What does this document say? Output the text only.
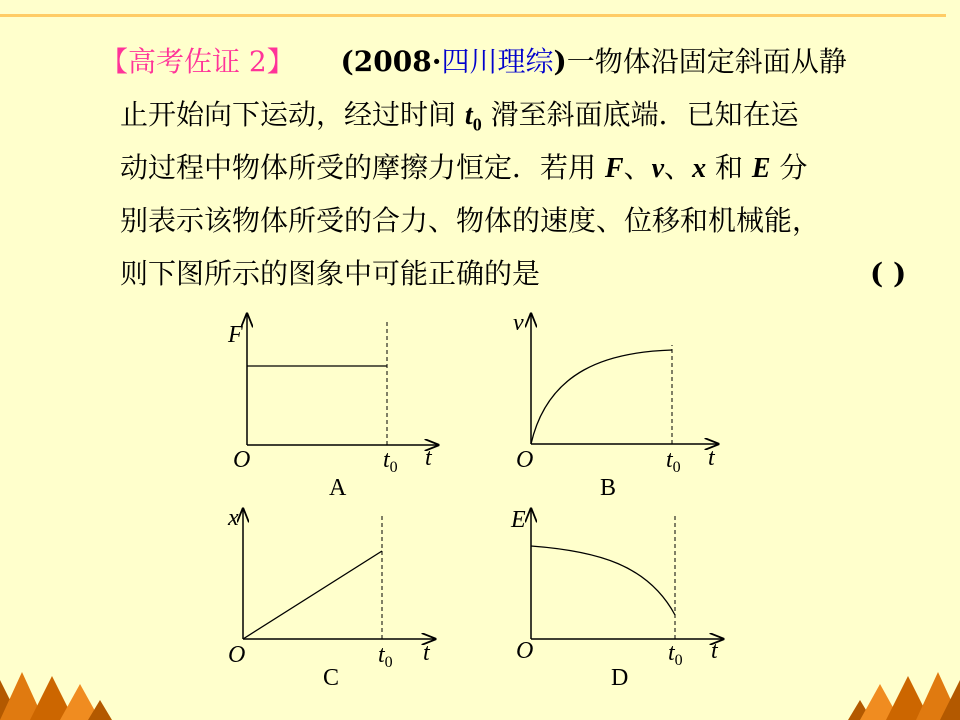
【高考佐证 2】 (2008·四川理综)一物体沿固定斜面从静
止开始向下运动，经过时间 $t_0$ 滑至斜面底端．已知在运
动过程中物体所受的摩擦力恒定．若用 F、v、x 和 E 分
别表示该物体所受的合力、物体的速度、位移和机械能，
则下图所示的图象中可能正确的是	( )
F
O	$t_0$ t
A
v
O	$t_0$ t
B
x
O	$t_0$ t
C
E
O	$t_0$ t
D
